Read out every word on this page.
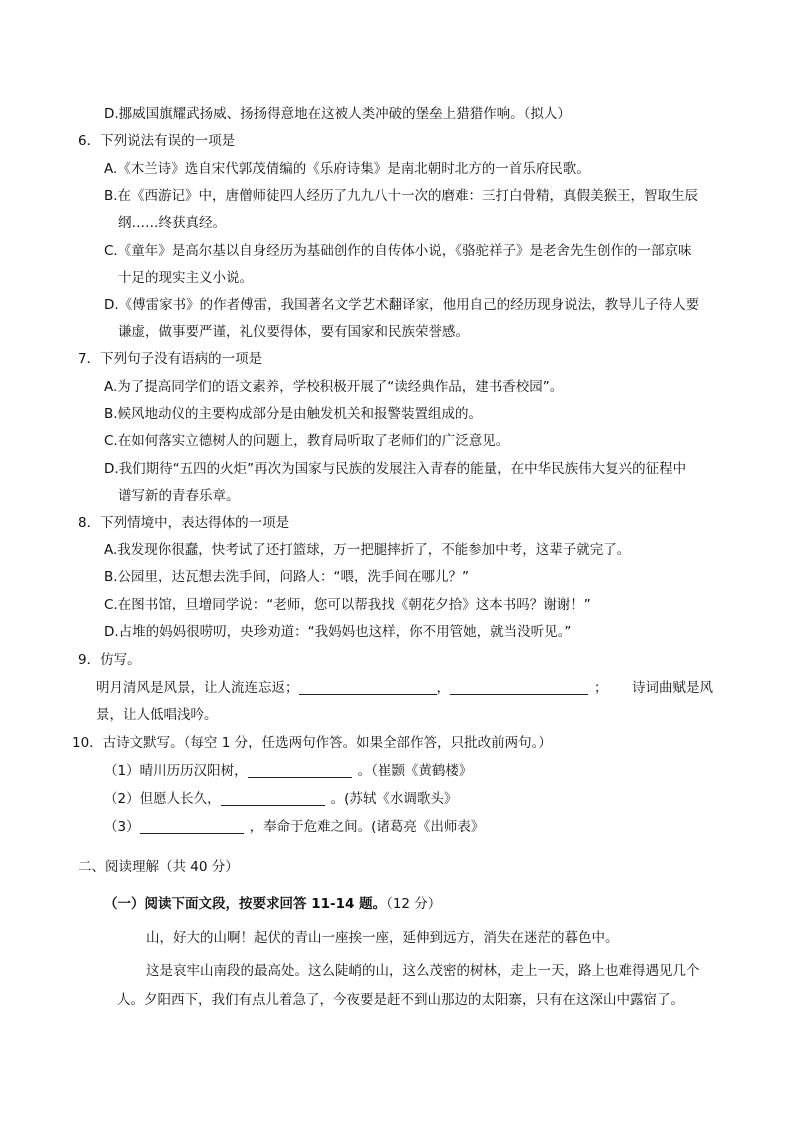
D.挪威国旗耀武扬威、扬扬得意地在这被人类冲破的堡垒上猎猎作响。（拟人）
6．下列说法有误的一项是
A.《木兰诗》选自宋代郭茂倩编的《乐府诗集》是南北朝时北方的一首乐府民歌。
B.在《西游记》中，唐僧师徒四人经历了九九八十一次的磨难：三打白骨精，真假美猴王，智取生辰
纲……终获真经。
C.《童年》是高尔基以自身经历为基础创作的自传体小说，《骆驼祥子》是老舍先生创作的一部京味
十足的现实主义小说。
D.《傅雷家书》的作者傅雷，我国著名文学艺术翻译家，他用自己的经历现身说法，教导儿子待人要
谦虚，做事要严谨，礼仪要得体，要有国家和民族荣誉感。
7．下列句子没有语病的一项是
A.为了提高同学们的语文素养，学校积极开展了“读经典作品，建书香校园”。
B.候风地动仪的主要构成部分是由触发机关和报警装置组成的。
C.在如何落实立德树人的问题上，教育局听取了老师们的广泛意见。
D.我们期待“五四的火炬”再次为国家与民族的发展注入青春的能量，在中华民族伟大复兴的征程中
谱写新的青春乐章。
8．下列情境中，表达得体的一项是
A.我发现你很蠢，快考试了还打篮球，万一把腿摔折了，不能参加中考，这辈子就完了。
B.公园里，达瓦想去洗手间，问路人：“喂，洗手间在哪儿？”
C.在图书馆，旦增同学说：“老师，您可以帮我找《朝花夕拾》这本书吗？谢谢！”
D.占堆的妈妈很唠叨，央珍劝道：“我妈妈也这样，你不用管她，就当没听见。”
9．仿写。
明月清风是风景，让人流连忘返；	，	； 诗词曲赋是风
景，让人低唱浅吟。
10．古诗文默写。（每空 1 分，任选两句作答。如果全部作答，只批改前两句。）
（1）晴川历历汉阳树，	。（崔颢《黄鹤楼》
（2）但愿人长久，	。(苏轼《水调歌头》
（3）	，奉命于危难之间。(诸葛亮《出师表》
二、阅读理解（共 40 分）
（一）阅读下面文段，按要求回答 11-14 题。（12 分）
山，好大的山啊！起伏的青山一座挨一座，延伸到远方，消失在迷茫的暮色中。
这是哀牢山南段的最高处。这么陡峭的山，这么茂密的树林，走上一天，路上也难得遇见几个
人。夕阳西下，我们有点儿着急了，今夜要是赶不到山那边的太阳寨，只有在这深山中露宿了。
